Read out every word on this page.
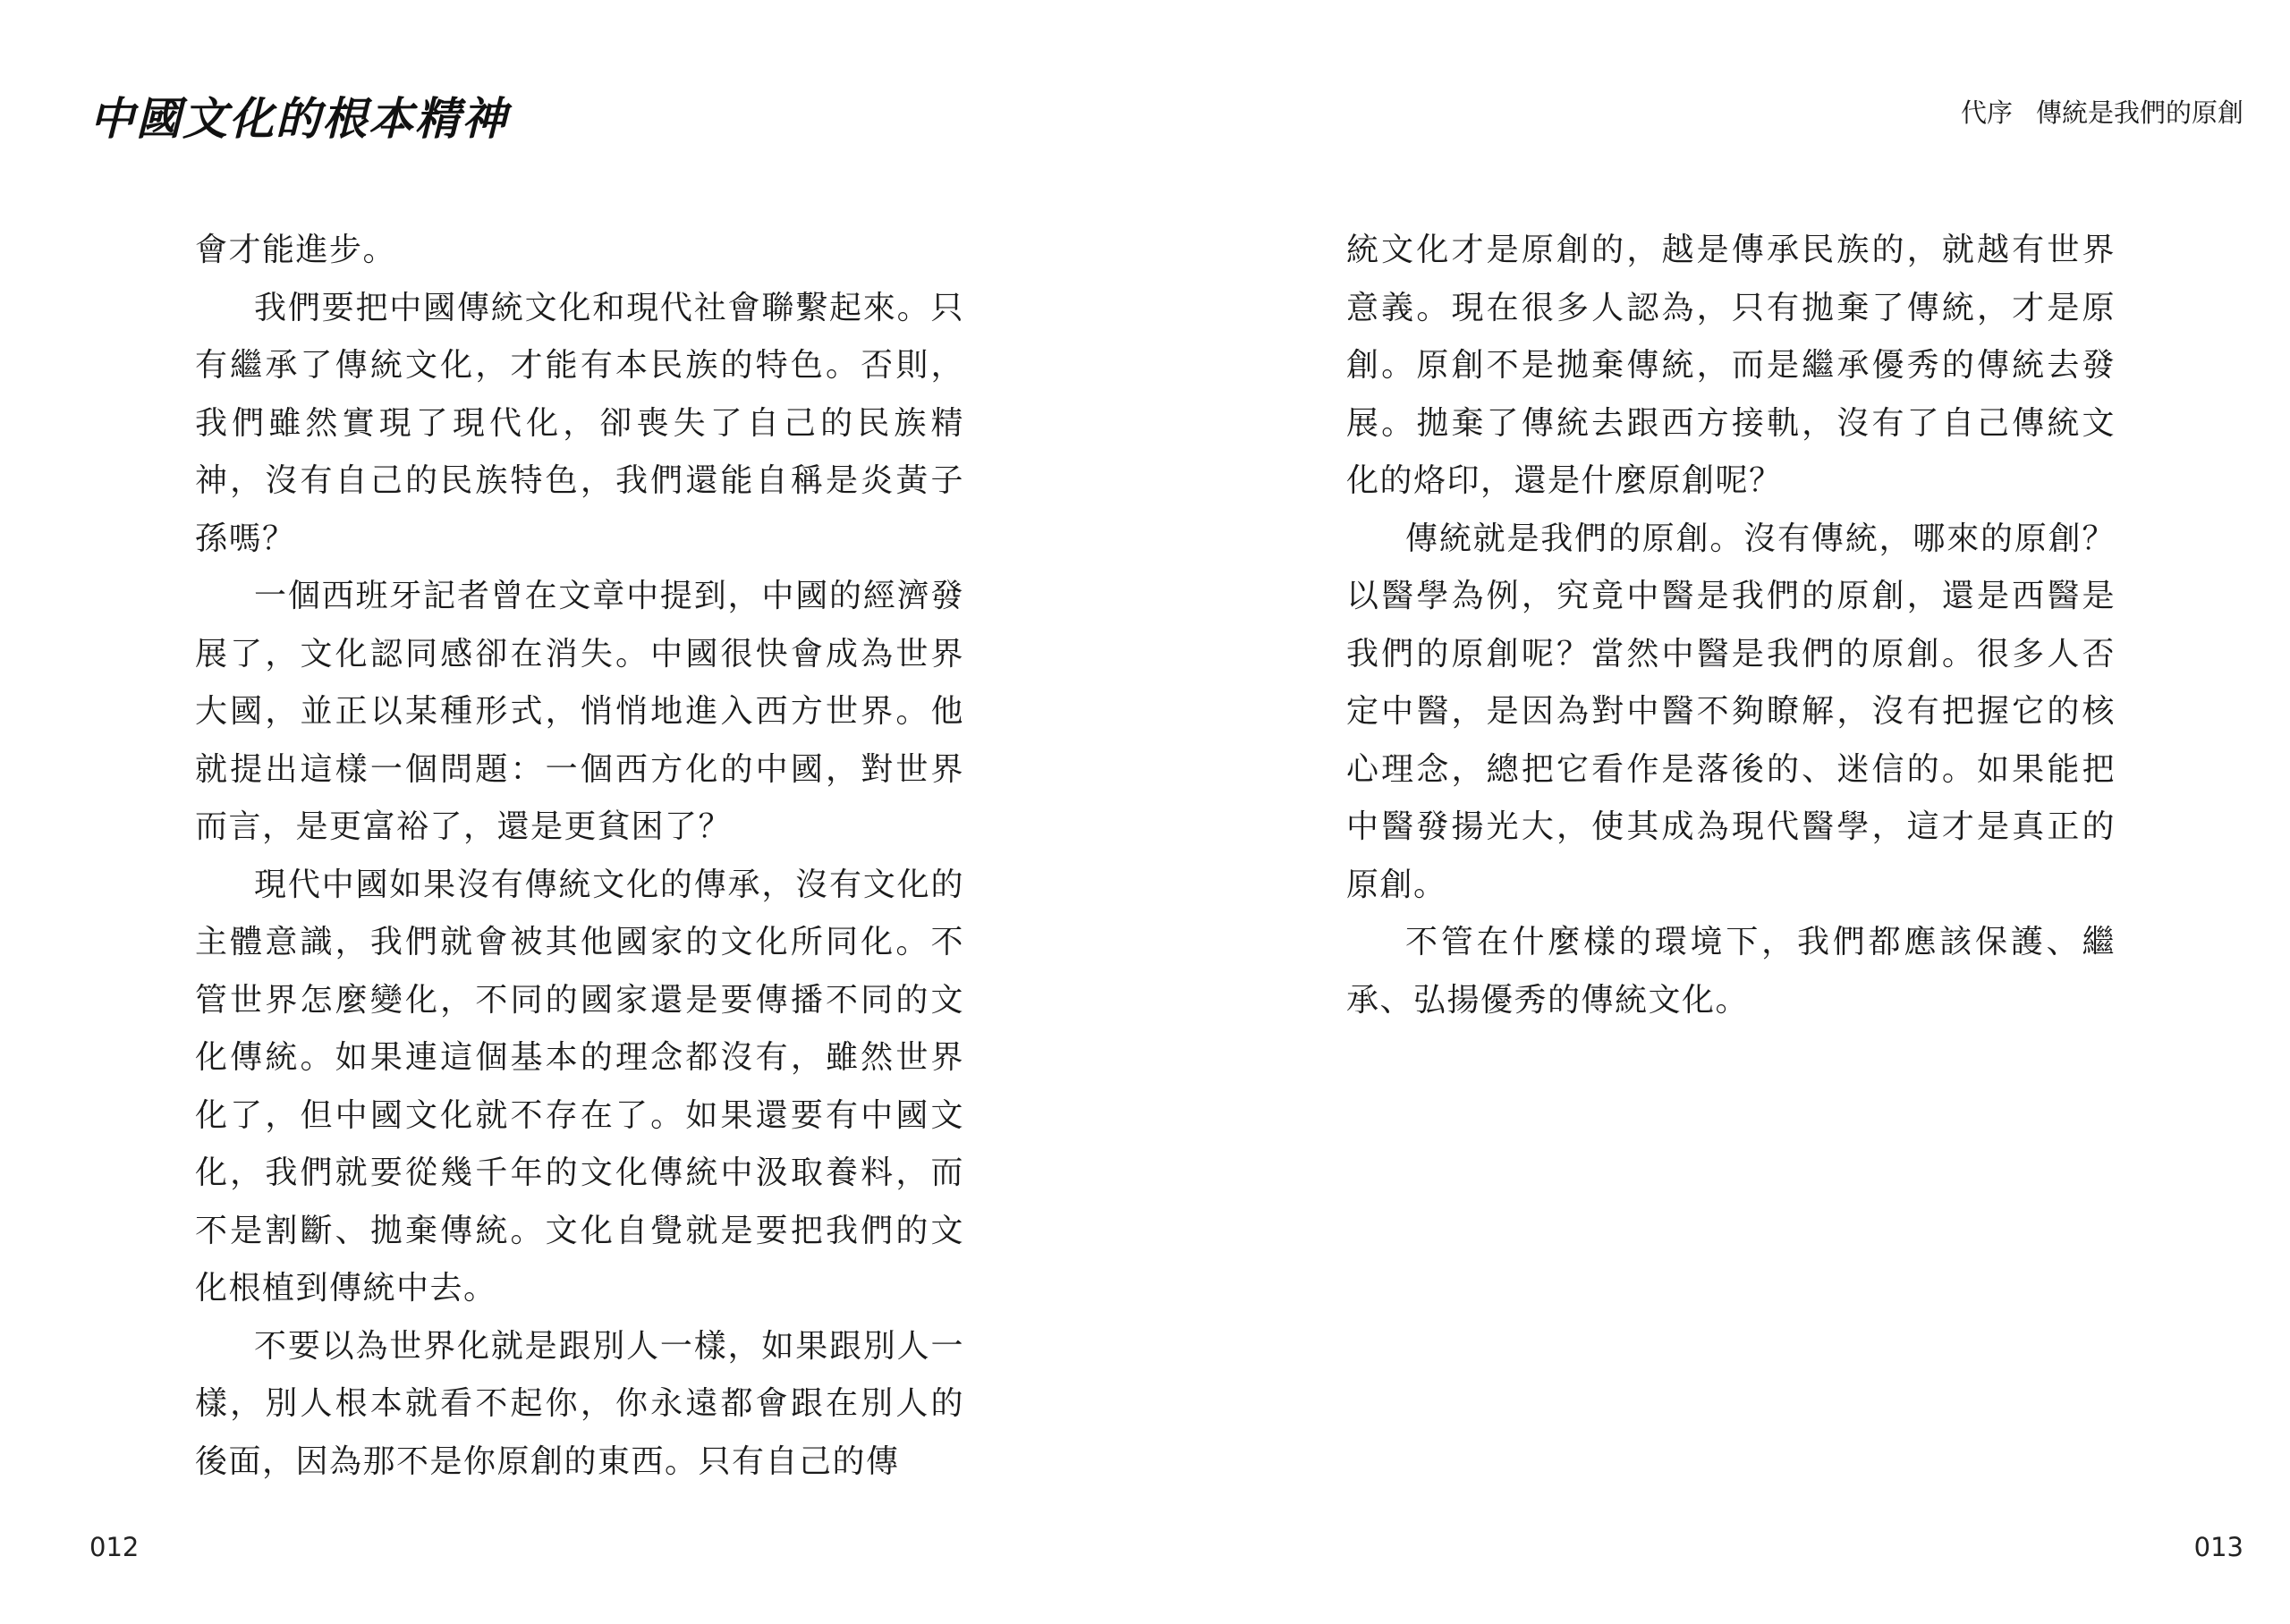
中國文化的根本精神

會才能進步。

我們要把中國傳統文化和現代社會聯繫起來。只有繼承了傳統文化，才能有本民族的特色。否則，我們雖然實現了現代化，卻喪失了自己的民族精神，沒有自己的民族特色，我們還能自稱是炎黃子孫嗎？

一個西班牙記者曾在文章中提到，中國的經濟發展了，文化認同感卻在消失。中國很快會成為世界大國，並正以某種形式，悄悄地進入西方世界。他就提出這樣一個問題：一個西方化的中國，對世界而言，是更富裕了，還是更貧困了？

現代中國如果沒有傳統文化的傳承，沒有文化的主體意識，我們就會被其他國家的文化所同化。不管世界怎麼變化，不同的國家還是要傳播不同的文化傳統。如果連這個基本的理念都沒有，雖然世界化了，但中國文化就不存在了。如果還要有中國文化，我們就要從幾千年的文化傳統中汲取養料，而不是割斷、拋棄傳統。文化自覺就是要把我們的文化根植到傳統中去。

不要以為世界化就是跟別人一樣，如果跟別人一樣，別人根本就看不起你，你永遠都會跟在別人的後面，因為那不是你原創的東西。只有自己的傳

012
代序 傳統是我們的原創

統文化才是原創的，越是傳承民族的，就越有世界意義。現在很多人認為，只有拋棄了傳統，才是原創。原創不是拋棄傳統，而是繼承優秀的傳統去發展。拋棄了傳統去跟西方接軌，沒有了自己傳統文化的烙印，還是什麼原創呢？

傳統就是我們的原創。沒有傳統，哪來的原創？以醫學為例，究竟中醫是我們的原創，還是西醫是我們的原創呢？當然中醫是我們的原創。很多人否定中醫，是因為對中醫不夠瞭解，沒有把握它的核心理念，總把它看作是落後的、迷信的。如果能把中醫發揚光大，使其成為現代醫學，這才是真正的原創。

不管在什麼樣的環境下，我們都應該保護、繼承、弘揚優秀的傳統文化。

013
